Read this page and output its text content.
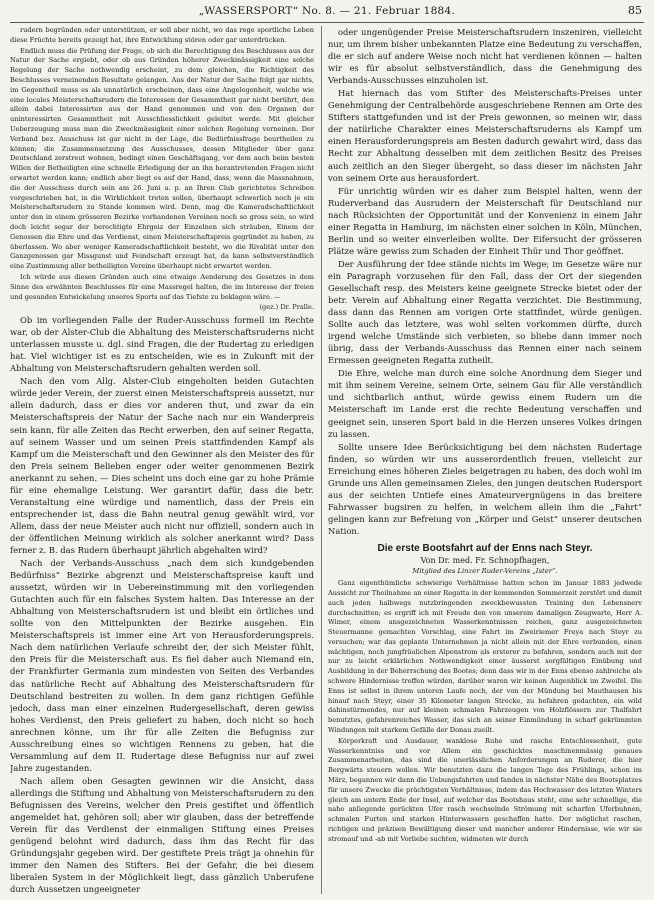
„WASSERSPORT“ No. 8. — 21. Februar 1884.	85

rudern begründen oder unterstützen, er soll aber nicht, wo das rege sportliche Leben diese Früchte bereits gezeigt hat, ihre Entwicklung stören oder gar unterdrücken.

Endlich muss die Prüfung der Frage, ob sich die Berechtigung des Beschlusses aus der Natur der Sache ergiebt, oder ob aus Gründen höherer Zweckmässigkeit eine solche Regelung der Sache nothwendig erscheint, zu dem gleichen, die Richtigkeit des Beschlusses verneinenden Resultate gelangen. Aus der Natur der Sache folgt gar nichts, im Gegentheil muss es als unnatürlich erscheinen, dass eine Angelegenheit, welche wie eine locales Meisterschaftsrudern die Interessen der Gesammtheit gar nicht berührt, den allein dabei Interessirten aus der Hand genommen und von den Organen der uninteressirten Gesammtheit mit Ausschliesslichkeit geleitet werde. Mit gleicher Ueberzeugung muss man die Zweckmässigkeit einer solchen Regelung verneinen. Der Verband bez. Ausschuss ist gar nicht in der Lage, die Bedürfnissfrage beurtheilen zu können; die Zusammensetzung des Ausschusses, dessen Mitglieder über ganz Deutschland zerstreut wohnen, bedingt einen Geschäftsgang, vor dem auch beim besten Willen der Betheiligten eine schnelle Erledigung der an ihn herantretenden Fragen nicht erwartet werden kann; endlich aber liegt es auf der Hand, dass, wenn die Massnahmen, die der Ausschuss durch sein am 26. Juni a. p. an Ihren Club gerichtetes Schreiben vorgeschrieben hat, in die Wirklichkeit treten sollen, überhaupt schwerlich noch je ein Meisterschaftsrudern zu Stande kommen wird. Denn, mag die Kameradschaftlichkeit unter den in einem grösseren Bezirke vorhandenen Vereinen noch so gross sein, so wird doch leicht sogar der berechtigte Ehrgeiz der Einzelnen sich sträuben, Einem der Genossen die Ehre und das Verdienst, einen Meisterschaftspreis gegründet zu haben, zu überlassen. Wo aber weniger Kameradschaftlichkeit besteht, wo die Rivalität unter den Ganzgenossen gar Missgunst und Feindschaft erzeugt hat, da kann selbstverständlich eine Zustimmung aller betheiligten Vereine überhaupt nicht erwartet werden.

Ich würde aus diesen Gründen auch eine etwaige Aenderung des Gesetzes in dem Sinne des erwähnten Beschlusses für eine Massregel halten, die im Interesse der freien und gesunden Entwickelung unseres Sports auf das Tiefste zu beklagen wäre. —

(gez.) Dr. Pralle.

Ob im vorliegenden Falle der Ruder-Ausschuss formell im Rechte war, ob der Alster-Club die Abhaltung des Meisterschaftsruderns nicht unterlassen musste u. dgl. sind Fragen, die der Rudertag zu erledigen hat. Viel wichtiger ist es zu entscheiden, wie es in Zukunft mit der Abhaltung von Meisterschaftsrudern gehalten werden soll.

Nach den vom Allg. Alster-Club eingeholten beiden Gutachten würde jeder Verein, der zuerst einen Meisterschaftspreis aussetzt, nur allein dadurch, dass er dies vor anderen thut, und zwar da ein Meisterschaftspreis der Natur der Sache nach nur ein Wanderpreis sein kann, für alle Zeiten das Recht erwerben, den auf seiner Regatta, auf seinem Wasser und um seinen Preis stattfindenden Kampf als Kampf um die Meisterschaft und den Gewinner als den Meister des für den Preis seinem Belieben enger oder weiter genommenen Bezirk anerkannt zu sehen. — Dies scheint uns doch eine gar zu hohe Prämie für eine ehemalige Leistung. Wer garantirt dafür, dass die betr. Veranstaltung eine würdige und namentlich, dass der Preis ein entsprechender ist, dass die Bahn neutral genug gewählt wird, vor Allem, dass der neue Meister auch nicht nur offiziell, sondern auch in der öffentlichen Meinung wirklich als solcher anerkannt wird? Dass ferner z. B. das Rudern überhaupt jährlich abgehalten wird?

Nach der Verbands-Ausschuss „nach dem sich kundgebenden Bedürfniss“ Bezirke abgrenzt und Meisterschaftspreise kauft und aussetzt, würden wir in Uebereinstimmung mit den vorliegenden Gutachten auch für ein falsches System halten. Das Interesse an der Abhaltung von Meisterschaftsrudern ist und bleibt ein örtliches und sollte von den Mittelpunkten der Bezirke ausgehen. Ein Meisterschaftspreis ist immer eine Art von Herausforderungspreis. Nach dem natürlichen Verlaufe schreibt der, der sich Meister fühlt, den Preis für die Meisterschaft aus. Es fiel daher auch Niemand ein, der Frankfurter Germania zum mindesten von Seiten des Verbandes das natürliche Recht auf Abhaltung des Meisterschaftsrudern für Deutschland bestreiten zu wollen. In dem ganz richtigen Gefühle jedoch, dass man einer einzelnen Rudergesellschaft, deren gewiss hohes Verdienst, den Preis geliefert zu haben, doch nicht so hoch anrechnen könne, um ihr für alle Zeiten die Befugniss zur Ausschreibung eines so wichtigen Rennens zu geben, hat die Versammlung auf dem II. Rudertage diese Befugniss nur auf zwei Jahre zugestanden.

Nach allem oben Gesagten gewinnen wir die Ansicht, dass allerdings die Stiftung und Abhaltung von Meisterschaftsrudern zu den Befugnissen des Vereins, welcher den Preis gestiftet und öffentlich angemeldet hat, gehören soll; aber wir glauben, dass der betreffende Verein für das Verdienst der einmaligen Stiftung eines Preises genügend belohnt wird dadurch, dass ihm das Recht für das Gründungsjahr gegeben wird. Der gestiftete Preis trägt ja ohnehin für immer den Namen des Stifters. Bei der Gefahr, die bei diesem liberalen System in der Möglichkeit liegt, dass gänzlich Unberufene durch Aussetzen ungeeigneter

oder ungenügender Preise Meisterschaftsrudern inszeniren, vielleicht nur, um ihrem bisher unbekannten Platze eine Bedeutung zu verschaffen, die er sich auf andere Weise noch nicht hat verdienen können — halten wir es für absolut selbstverständlich, dass die Genehmigung des Verbands-Ausschusses einzuholen ist.

Hat hiernach das vom Stifter des Meisterschafts-Preises unter Genehmigung der Centralbehörde ausgeschriebene Rennen am Orte des Stifters stattgefunden und ist der Preis gewonnen, so meinen wir, dass der natürliche Charakter eines Meisterschaftsruderns als Kampf um einen Herausforderungspreis am Besten dadurch gewahrt wird, dass das Recht zur Abhaltung desselben mit dem zeitlichen Besitz des Preises auch zeitlich an den Sieger übergeht, so dass dieser im nächsten Jahr von seinem Orte aus herausfordert.

Für unrichtig würden wir es daher zum Beispiel halten, wenn der Ruderverband das Ausrudern der Meisterschaft für Deutschland nur nach Rücksichten der Opportunität und der Konvenienz in einem Jahr einer Regatta in Hamburg, im nächsten einer solchen in Köln, München, Berlin und so weiter einverleiben wollte. Der Eifersucht der grösseren Plätze wäre gewiss zum Schaden der Einheit Thür und Thor geöffnet.

Der Ausführung der Idee stände nichts im Wege; im Gesetze wäre nur ein Paragraph vorzusehen für den Fall, dass der Ort der siegenden Gesellschaft resp. des Meisters keine geeignete Strecke bietet oder der betr. Verein auf Abhaltung einer Regatta verzichtet. Die Bestimmung, dass dann das Rennen am vorigen Orte stattfindet, würde genügen. Sollte auch das letztere, was wohl selten vorkommen dürfte, durch irgend welche Umstände sich verbieten, so bliebe dann immer noch übrig, dass der Verbands-Ausschuss das Rennen einer nach seinem Ermessen geeigneten Regatta zutheilt.

Die Ehre, welche man durch eine solche Anordnung dem Sieger und mit ihm seinem Vereine, seinem Orte, seinem Gau für Alle verständlich und sichtbarlich anthut, würde gewiss einem Rudern um die Meisterschaft im Lande erst die rechte Bedeutung verschaffen und geeignet sein, unseren Sport bald in die Herzen unseres Volkes dringen zu lassen.

Sollte unsere Idee Berücksichtigung bei dem nächsten Rudertage finden, so würden wir uns ausserordentlich freuen, vielleicht zur Erreichung eines höheren Zieles beigetragen zu haben, des doch wohl im Grunde uns Allen gemeinsamen Zieles, den jungen deutschen Rudersport aus der seichten Untiefe eines Amateurvergnügens in das breitere Fahrwasser bugsiren zu helfen, in welchem allein ihm die „Fahrt“ gelingen kann zur Befreiung von „Körper und Geist“ unserer deutschen Nation.

Die erste Bootsfahrt auf der Enns nach Steyr.

Von Dr. med. Fr. Schnopfhagen,

Mitglied des Linzer Ruder-Vereins „Ister“.

Ganz eigenthümliche schwierige Verhältnisse hatten schon im Januar 1883 jedwede Aussicht zur Theilnahme an einer Regatta in der kommenden Sommerzeit zerstört und damit auch jeden halbwegs nutzbringenden zweckbewussten Training den Lebensnerv durchschnitten; es ergriff ich mit Freude den von unserem damaligen Zeugwarte, Herr A. Wimer, einem ansgezeichneten Wasserkenntnissen reichen, ganz ausgezeichneten Steuermanne gemachten Vorschlag, eine Fahrt im Zweiriemer Freya nach Steyr zu versuchen; war das geplante Unternehmen ja nicht allein mit der Ehre verbunden, einen mächtigen, noch jungfräulichen Alpenstrom als ersterer zu befahren, sondern auch mit der nur zu leicht erklärlichen Nothwendigkeit einer äusserst sorgfältigen Einübung und Ausbildung in der Beherrschung des Bootes; denn dass wir in der Enns ebenso zahlreiche als schwere Hindernisse treffen würden, darüber waren wir keinen Augenblick im Zweifel. Die Enns ist selbst in ihrem unteren Laufe noch, der von der Mündung bei Mauthausen bis hinauf nach Steyr, einer 35 Kilometer langen Strecke, zu befahren gedachten, ein wild dahinstürmendes, nur auf kleinen schmalen Fahrzeugen von Holzflössern zur Thalfahrt benutztes, gefahrenreiches Wasser, das sich an seiner Einmündung in scharf gekrümmten Windungen mit starkem Gefälle der Donau zueilt.

Körperkraft und Ausdauer, wanklose Ruhe und rasche Entschlossenheit, gute Wasserkenntniss und vor Allem ein geschicktes maschinenmässig genaues Zusammenarbeiten, das sind die unerlässlichen Anforderungen an Ruderer, die hier Bergwärts steuern wollen. Wir benutzten dazu die langen Tage des Frühlings, schon im März, begannen wir dann die Uebungsfahrten und fanden in nächster Nähe des Bootsplatzes für unsere Zwecke die prächtigsten Verhältnisse, indem das Hochwasser des letzten Winters gleich am untern Ende der Insel, auf welcher das Bootshaus steht, eine sehr schnellige, die nahe anliegende gerückten Ufer rasch wechselnde Strömung mit scharfen Uferbuhnen, schmalen Furten und starken Hinterwassern geschaffen hatte. Der möglichst raschen, richtigen und präzisen Bewältigung dieser und mancher anderer Hindernisse, wie wir sie stromauf und -ab mit Vorliebe suchten, widmeten wir durch
